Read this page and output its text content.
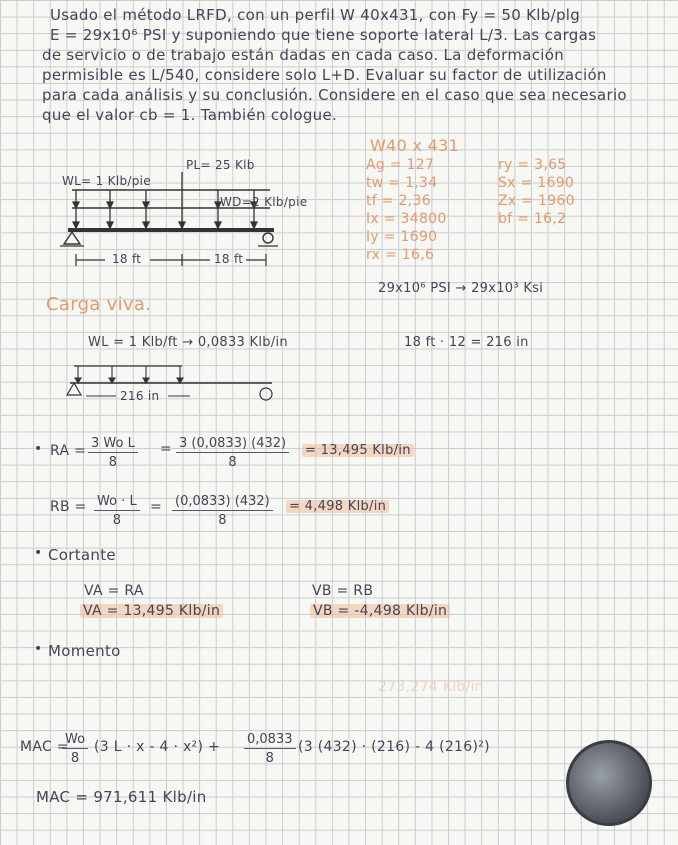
Usado el método LRFD, con un perfil W 40x431, con Fy = 50 Klb/plg
E = 29x10⁶ PSI y suponiendo que tiene soporte lateral L/3. Las cargas
de servicio o de trabajo están dadas en cada caso. La deformación
permisible es L/540, considere solo L+D. Evaluar su factor de utilización
para cada análisis y su conclusión. Considere en el caso que sea necesario
que el valor cb = 1. También cologue.
WL= 1 Klb/pie
PL= 25 Klb
WD=2 Klb/pie
18 ft	18 ft
W40 x 431
Ag = 127
tw = 1,34
tf = 2,36
Ix = 34800
Iy = 1690
rx = 16,6
ry = 3,65
Sx = 1690
Zx = 1960
bf = 16,2
29x10⁶ PSI → 29x10³ Ksi
Carga viva.
WL = 1 Klb/ft → 0,0833 Klb/in	18 ft · 12 = 216 in
216 in
• RA = $\frac{\text{3 Wo L}}{8} = \frac{3 (0,0833) (432)}{8} = 13,495$ Klb/in
RB = $\frac{Wo \cdot L}{8} = \frac{(0,0833) (432)}{8} = 4,498$ Klb/in
• Cortante
VA = RA
VA = 13,495 Klb/in
VB = RB
VB = -4,498 Klb/in
• Momento
273,274 Klb/in
MAC =
$\frac{Wo}{8} (3$ $L \cdot x - 4 \cdot x^2) + \frac{0,0833}{8} (3$ (432) · (216) - 4 (216)²)
MAC = 971,611 Klb/in
